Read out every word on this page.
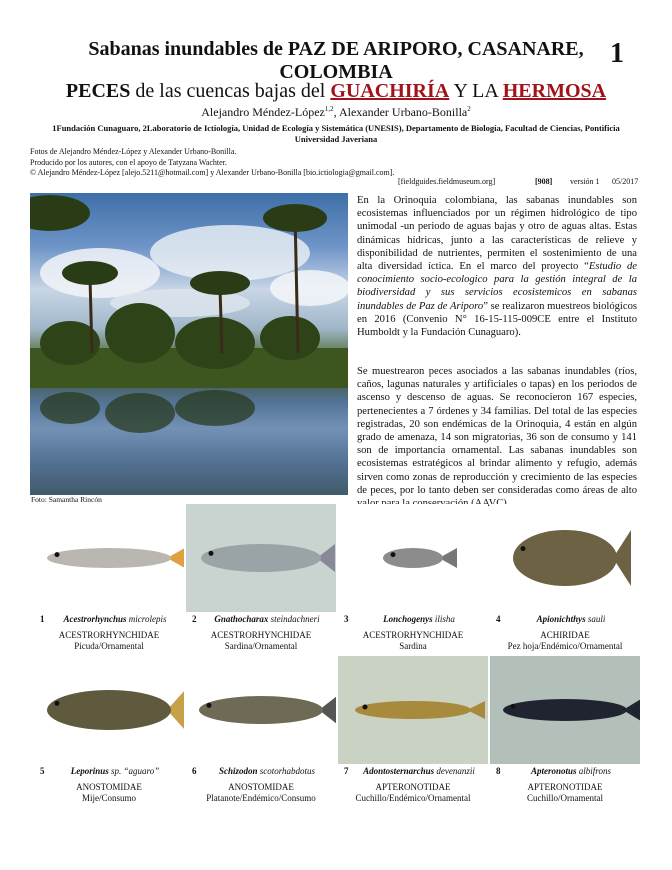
Sabanas inundables de PAZ DE ARIPORO, CASANARE,
COLOMBIA
PECES de las cuencas bajas del GUACHIRÍA Y LA HERMOSA
1
Alejandro Méndez-López$^{1,2}$, Alexander Urbano-Bonilla$^2$
1Fundación Cunaguaro, 2Laboratorio de Ictiología, Unidad de Ecología y Sistemática (UNESIS), Departamento de Biología, Facultad de Ciencias, Pontificia Universidad Javeriana
Fotos de Alejandro Méndez-López y Alexander Urbano-Bonilla.
Producido por los autores, con el apoyo de Tatyzana Wachter.
© Alejandro Méndez-López [alejo.5211@hotmail.com] y Alexander Urbano-Bonilla [bio.ictiologia@gmail.com].
[fieldguides.fieldmuseum.org]	[908] versión 1 05/2017
Foto: Samantha Rincón
En la Orinoquia colombiana, las sabanas inundables son ecosistemas influenciados por un régimen hidrológico de tipo unimodal -un periodo de aguas bajas y otro de aguas altas. Estas dinámicas hídricas, junto a las características de relieve y disponibilidad de nutrientes, permiten el sostenimiento de una alta diversidad íctica. En el marco del proyecto “Estudio de conocimiento socio-ecologico para la gestión integral de la biodiversidad y sus servicios ecosistemicos en sabanas inundables de Paz de Ariporo” se realizaron muestreos biológicos en 2016 (Convenio N° 16-15-115-009CE entre el Instituto Humboldt y la Fundación Cunaguaro).
Se muestrearon peces asociados a las sabanas inundables (ríos, caños, lagunas naturales y artificiales o tapas) en los periodos de ascenso y descenso de aguas. Se reconocieron 167 especies, pertenecientes a 7 órdenes y 34 familias. Del total de las especies registradas, 20 son endémicas de la Orinoquia, 4 están en algún grado de amenaza, 14 son migratorias, 36 son de consumo y 141 son de importancia ornamental. Las sabanas inundables son ecosistemas estratégicos al brindar alimento y refugio, además sirven como zonas de reproducción y crecimiento de las especies de peces, por lo tanto deben ser consideradas como áreas de alto
1	Acestrorhynchus microlepis
ACESTRORHYNCHIDAE
Picuda/Ornamental
2	Gnathocharax steindachneri
ACESTRORHYNCHIDAE
Sardina/Ornamental
3	Lonchogenys ilisha
ACESTRORHYNCHIDAE
Sardina
4	Apionichthys sauli
ACHIRIDAE
Pez hoja/Endémico/Ornamental
5	Leporinus sp. “aguaro”
ANOSTOMIDAE
Mije/Consumo
6	Schizodon scotorhabdotus
ANOSTOMIDAE
Platanote/Endémico/Consumo
7	Adontosternarchus devenanzii
APTERONOTIDAE
Cuchillo/Endémico/Ornamental
8	Apteronotus albifrons
APTERONOTIDAE
Cuchillo/Ornamental
